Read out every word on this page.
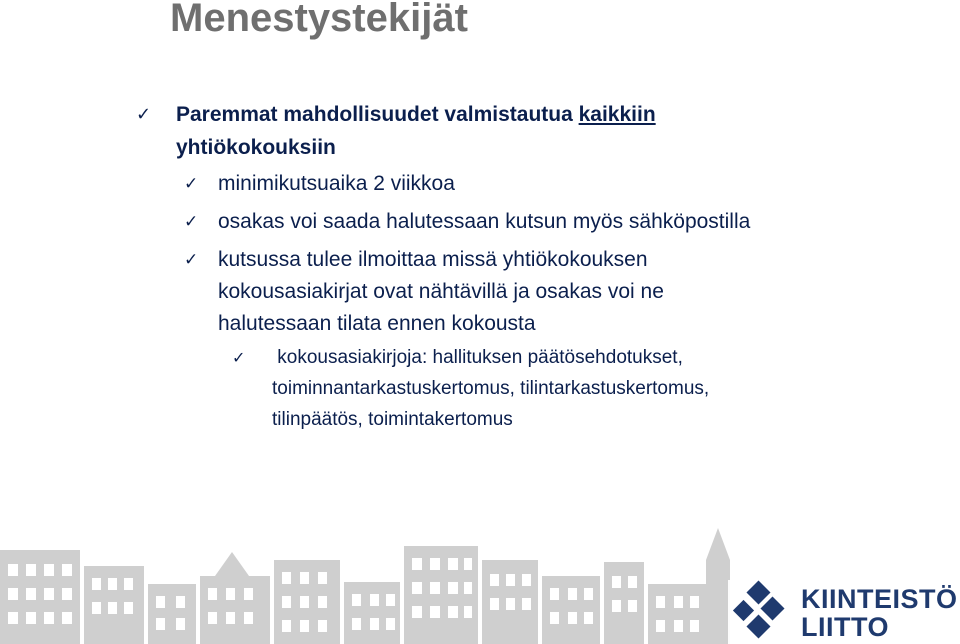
Menestystekijät
✓ Paremmat mahdollisuudet valmistautua kaikkiin
yhtiökokouksiin
✓ minimikutsuaika 2 viikkoa
✓ osakas voi saada halutessaan kutsun myös sähköpostilla
✓ kutsussa tulee ilmoittaa missä yhtiökokouksen
kokousasiakirjat ovat nähtävillä ja osakas voi ne
halutessaan tilata ennen kokousta
✓ kokousasiakirjoja: hallituksen päätösehdotukset,
toiminnantarkastuskertomus, tilintarkastuskertomus,
tilinpäätös, toimintakertomus
KIINTEISTÖ
LIITTO
